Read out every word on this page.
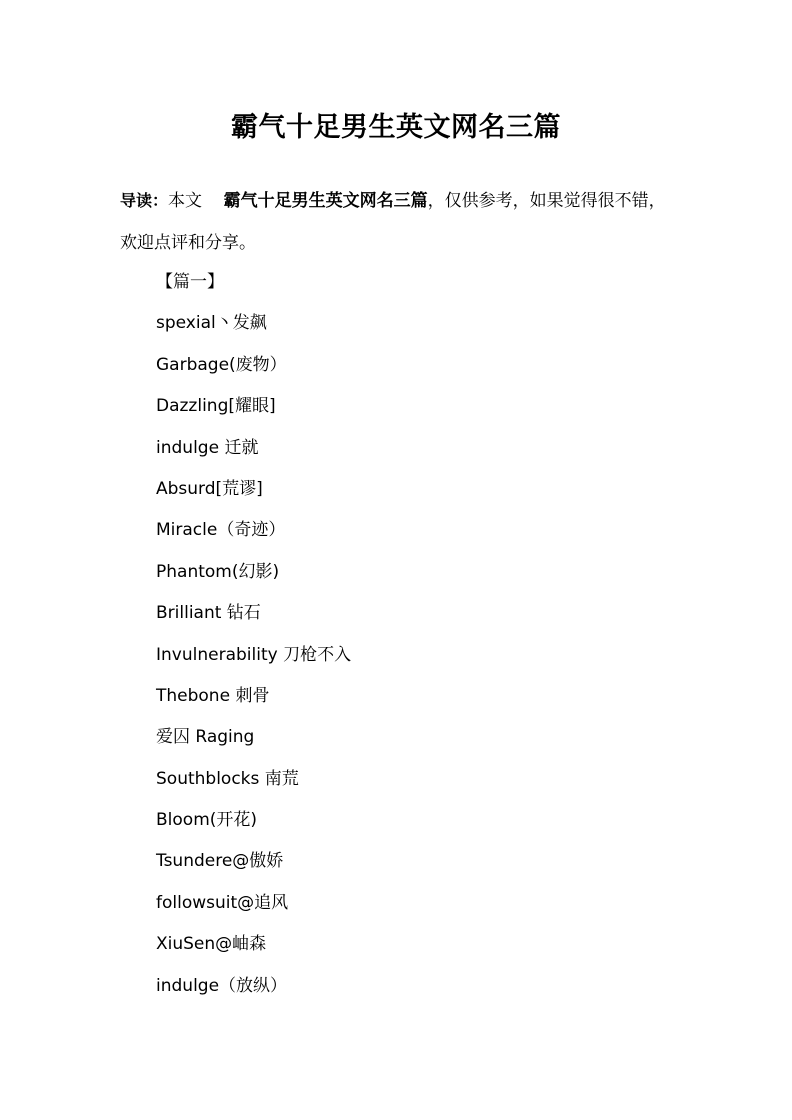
霸气十足男生英文网名三篇
导读：本文 霸气十足男生英文网名三篇，仅供参考，如果觉得很不错，欢迎点评和分享。
【篇一】
spexial丶发飙
Garbage(废物）
Dazzling[耀眼]
indulge 迁就
Absurd[荒谬]
Miracle（奇迹）
Phantom(幻影)
Brilliant 钻石
Invulnerability 刀枪不入
Thebone 刺骨
爱囚 Raging
Southblocks 南荒
Bloom(开花)
Tsundere@傲娇
followsuit@追风
XiuSen@岫森
indulge（放纵）
